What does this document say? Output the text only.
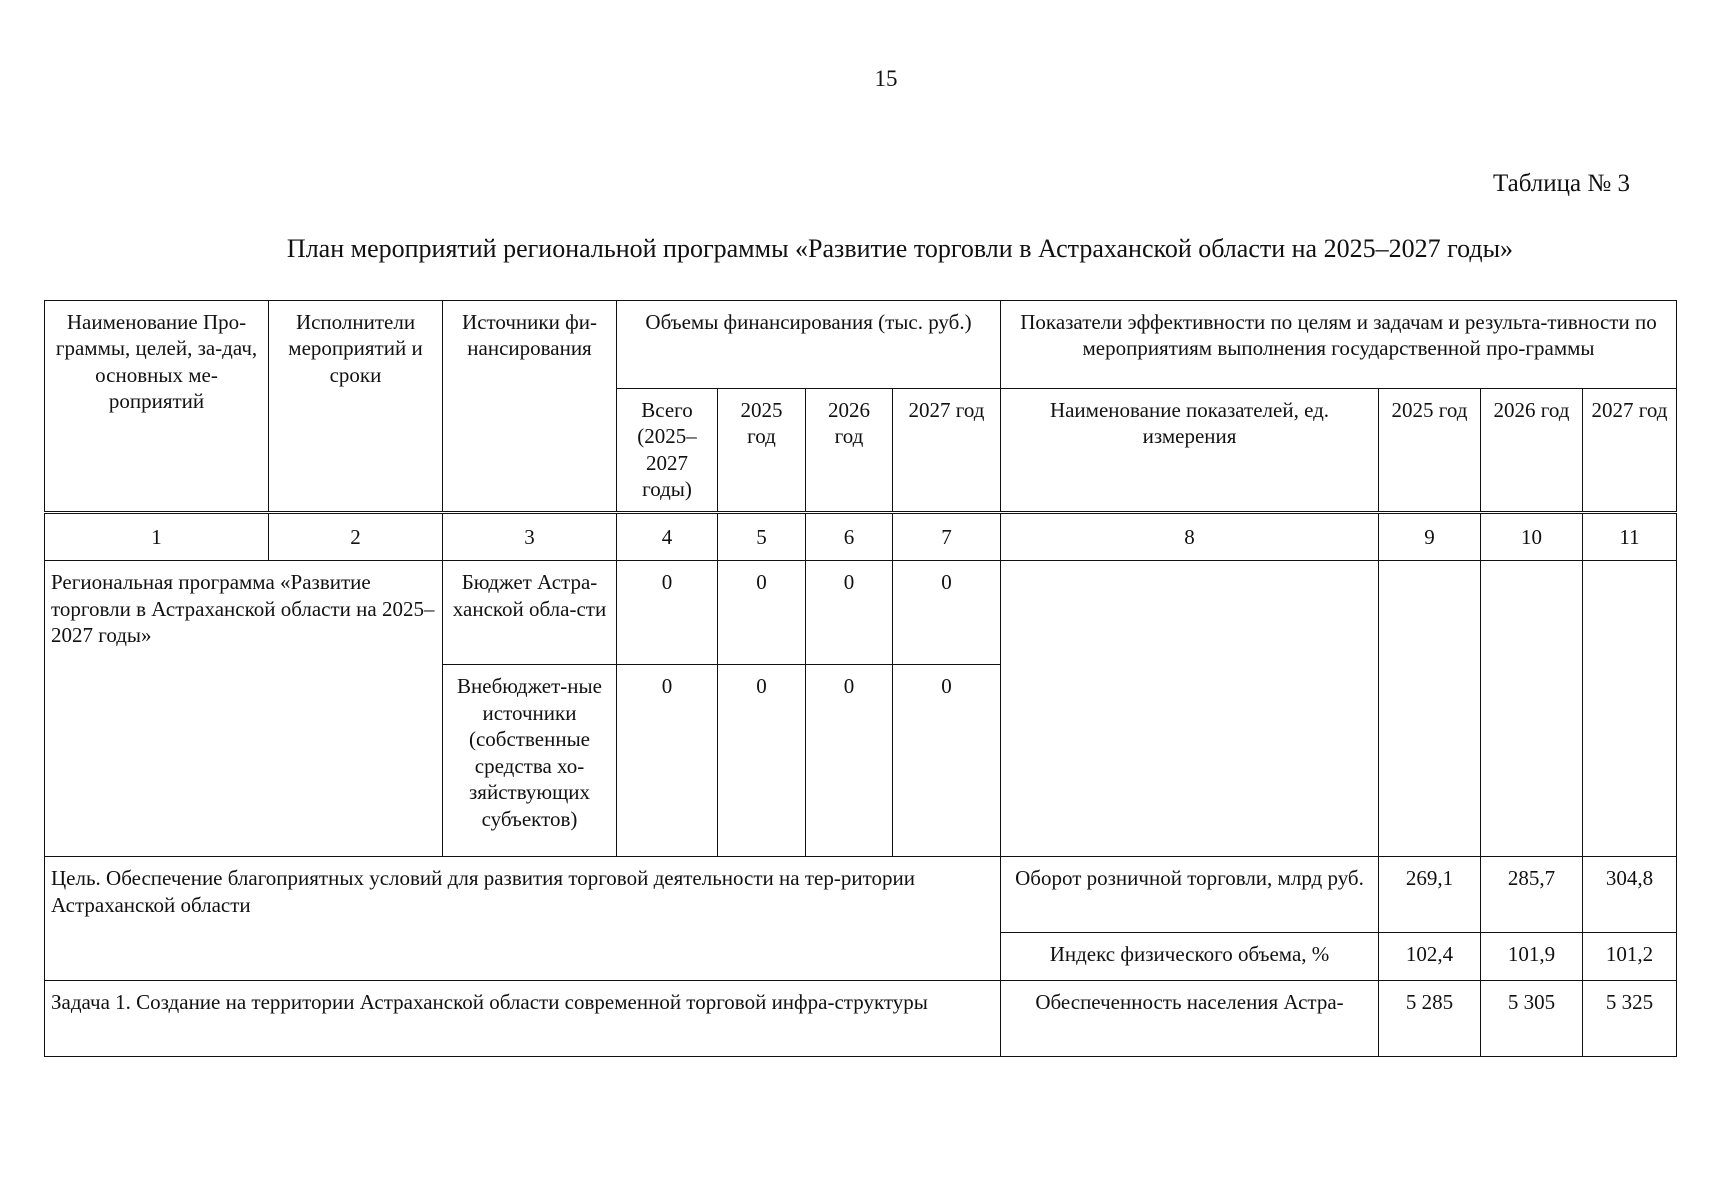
15
Таблица № 3
План мероприятий региональной программы «Развитие торговли в Астраханской области на 2025–2027 годы»
Наименование Про-граммы, целей, за-дач, основных ме-роприятий	Исполнители мероприятий и сроки	Источники фи-нансирования	Объемы финансирования (тыс. руб.)				Показатели эффективности по целям и задачам и результа-тивности по мероприятиям выполнения государственной про-граммы			
			Всего (2025–2027 годы)	2025 год	2026 год	2027 год	Наименование показателей, ед. измерения	2025 год	2026 год	2027 год
1	2	3	4	5	6	7	8	9	10	11
Региональная программа «Развитие торговли в Астраханской области на 2025–2027 годы»		Бюджет Астра-ханской обла-сти	0	0	0	0				
		Внебюджет-ные источники (собственные средства хо-зяйствующих субъектов)	0	0	0	0				
Цель. Обеспечение благоприятных условий для развития торговой деятельности на тер-ритории Астраханской области							Оборот розничной торговли, млрд руб.	269,1	285,7	304,8
							Индекс физического объема, %	102,4	101,9	101,2
Задача 1. Создание на территории Астраханской области современной торговой инфра-структуры							Обеспеченность населения Астра-	5 285	5 305	5 325
